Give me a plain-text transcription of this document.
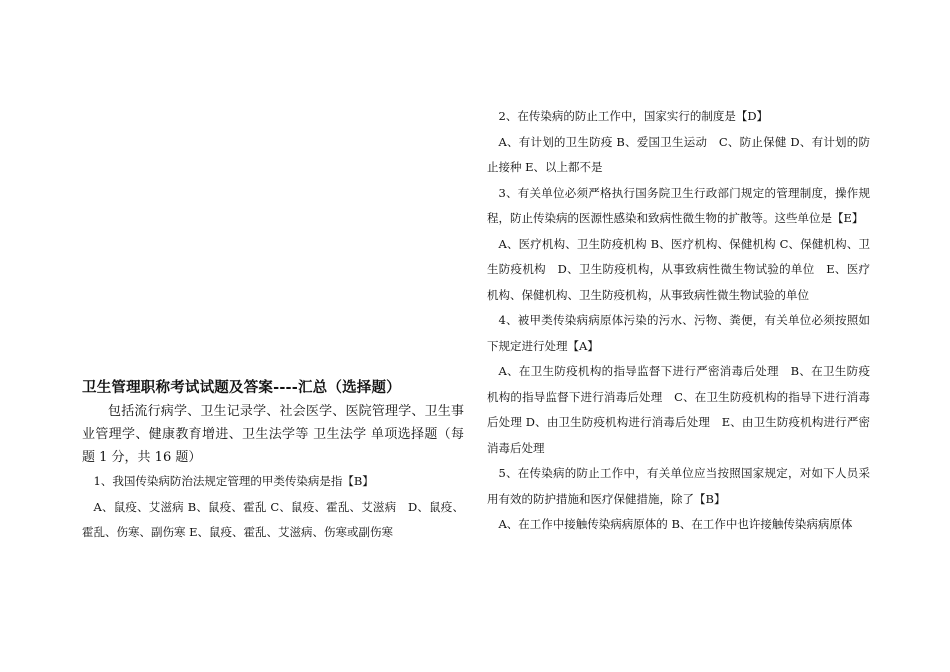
卫生管理职称考试试题及答案----汇总（选择题）

包括流行病学、卫生记录学、社会医学、医院管理学、卫生事业管理学、健康教育增进、卫生法学等 卫生法学 单项选择题（每题 1 分，共 16 题）

1、我国传染病防治法规定管理的甲类传染病是指【B】

A、鼠疫、艾滋病 B、鼠疫、霍乱 C、鼠疫、霍乱、艾滋病　D、鼠疫、霍乱、伤寒、副伤寒 E、鼠疫、霍乱、艾滋病、伤寒或副伤寒

2、在传染病的防止工作中，国家实行的制度是【D】

A、有计划的卫生防疫 B、爱国卫生运动　C、防止保健 D、有计划的防止接种 E、以上都不是

3、有关单位必须严格执行国务院卫生行政部门规定的管理制度，操作规程，防止传染病的医源性感染和致病性微生物的扩散等。这些单位是【E】

A、医疗机构、卫生防疫机构 B、医疗机构、保健机构 C、保健机构、卫生防疫机构　D、卫生防疫机构，从事致病性微生物试验的单位　E、医疗机构、保健机构、卫生防疫机构，从事致病性微生物试验的单位

4、被甲类传染病病原体污染的污水、污物、粪便，有关单位必须按照如下规定进行处理【A】

A、在卫生防疫机构的指导监督下进行严密消毒后处理　B、在卫生防疫机构的指导监督下进行消毒后处理　C、在卫生防疫机构的指导下进行消毒后处理 D、由卫生防疫机构进行消毒后处理　E、由卫生防疫机构进行严密消毒后处理

5、在传染病的防止工作中，有关单位应当按照国家规定，对如下人员采用有效的防护措施和医疗保健措施，除了【B】

A、在工作中接触传染病病原体的 B、在工作中也许接触传染病病原体
